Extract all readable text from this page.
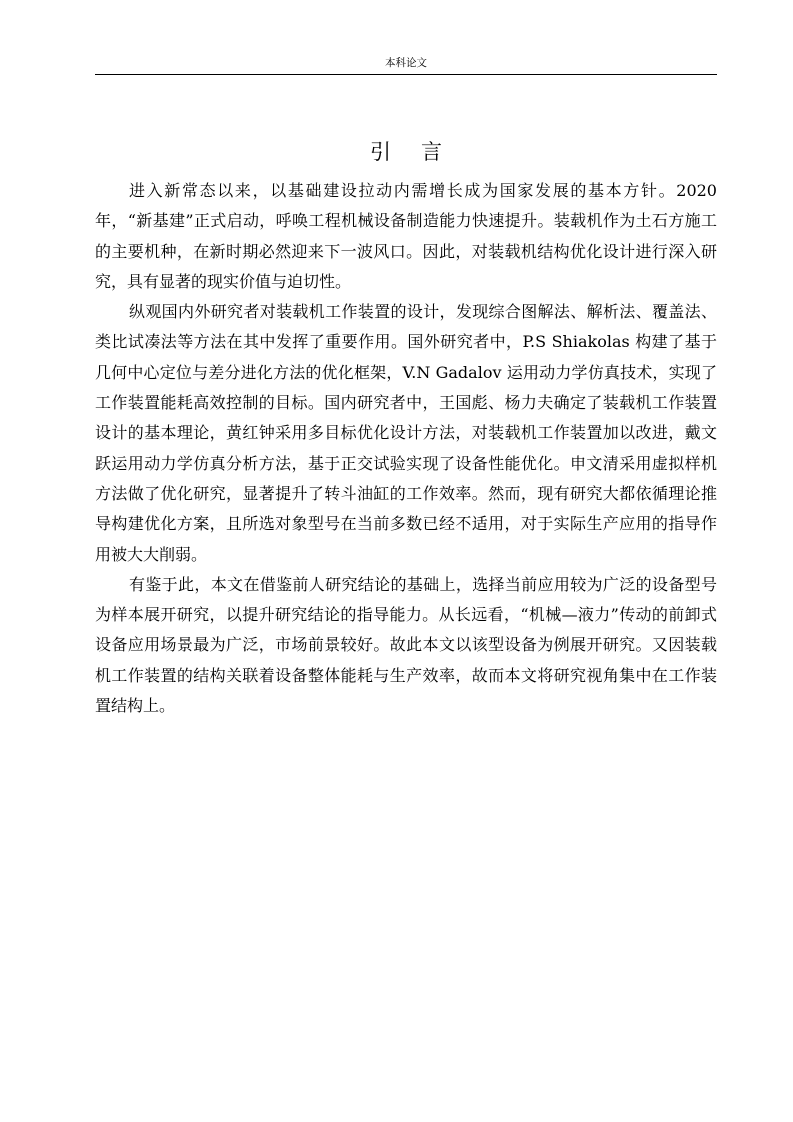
本科论文
引言

进入新常态以来，以基础建设拉动内需增长成为国家发展的基本方针。2020年，“新基建”正式启动，呼唤工程机械设备制造能力快速提升。装载机作为土石方施工的主要机种，在新时期必然迎来下一波风口。因此，对装载机结构优化设计进行深入研究，具有显著的现实价值与迫切性。

纵观国内外研究者对装载机工作装置的设计，发现综合图解法、解析法、覆盖法、类比试凑法等方法在其中发挥了重要作用。国外研究者中，P.S Shiakolas 构建了基于几何中心定位与差分进化方法的优化框架，V.N Gadalov 运用动力学仿真技术，实现了工作装置能耗高效控制的目标。国内研究者中，王国彪、杨力夫确定了装载机工作装置设计的基本理论，黄红钟采用多目标优化设计方法，对装载机工作装置加以改进，戴文跃运用动力学仿真分析方法，基于正交试验实现了设备性能优化。申文清采用虚拟样机方法做了优化研究，显著提升了转斗油缸的工作效率。然而，现有研究大都依循理论推导构建优化方案，且所选对象型号在当前多数已经不适用，对于实际生产应用的指导作用被大大削弱。

有鉴于此，本文在借鉴前人研究结论的基础上，选择当前应用较为广泛的设备型号为样本展开研究，以提升研究结论的指导能力。从长远看，“机械—液力”传动的前卸式设备应用场景最为广泛，市场前景较好。故此本文以该型设备为例展开研究。又因装载机工作装置的结构关联着设备整体能耗与生产效率，故而本文将研究视角集中在工作装置结构上。
